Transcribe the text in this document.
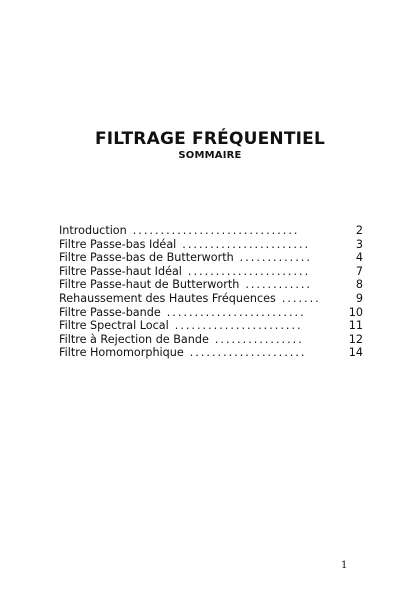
FILTRAGE FRÉQUENTIEL
SOMMAIRE
Introduction ..............................	2
Filtre Passe-bas Idéal .......................	3
Filtre Passe-bas de Butterworth .............	4
Filtre Passe-haut Idéal ......................	7
Filtre Passe-haut de Butterworth ............	8
Rehaussement des Hautes Fréquences .......	9
Filtre Passe-bande .........................	10
Filtre Spectral Local .......................	11
Filtre à Rejection de Bande ................	12
Filtre Homomorphique .....................	14
1
